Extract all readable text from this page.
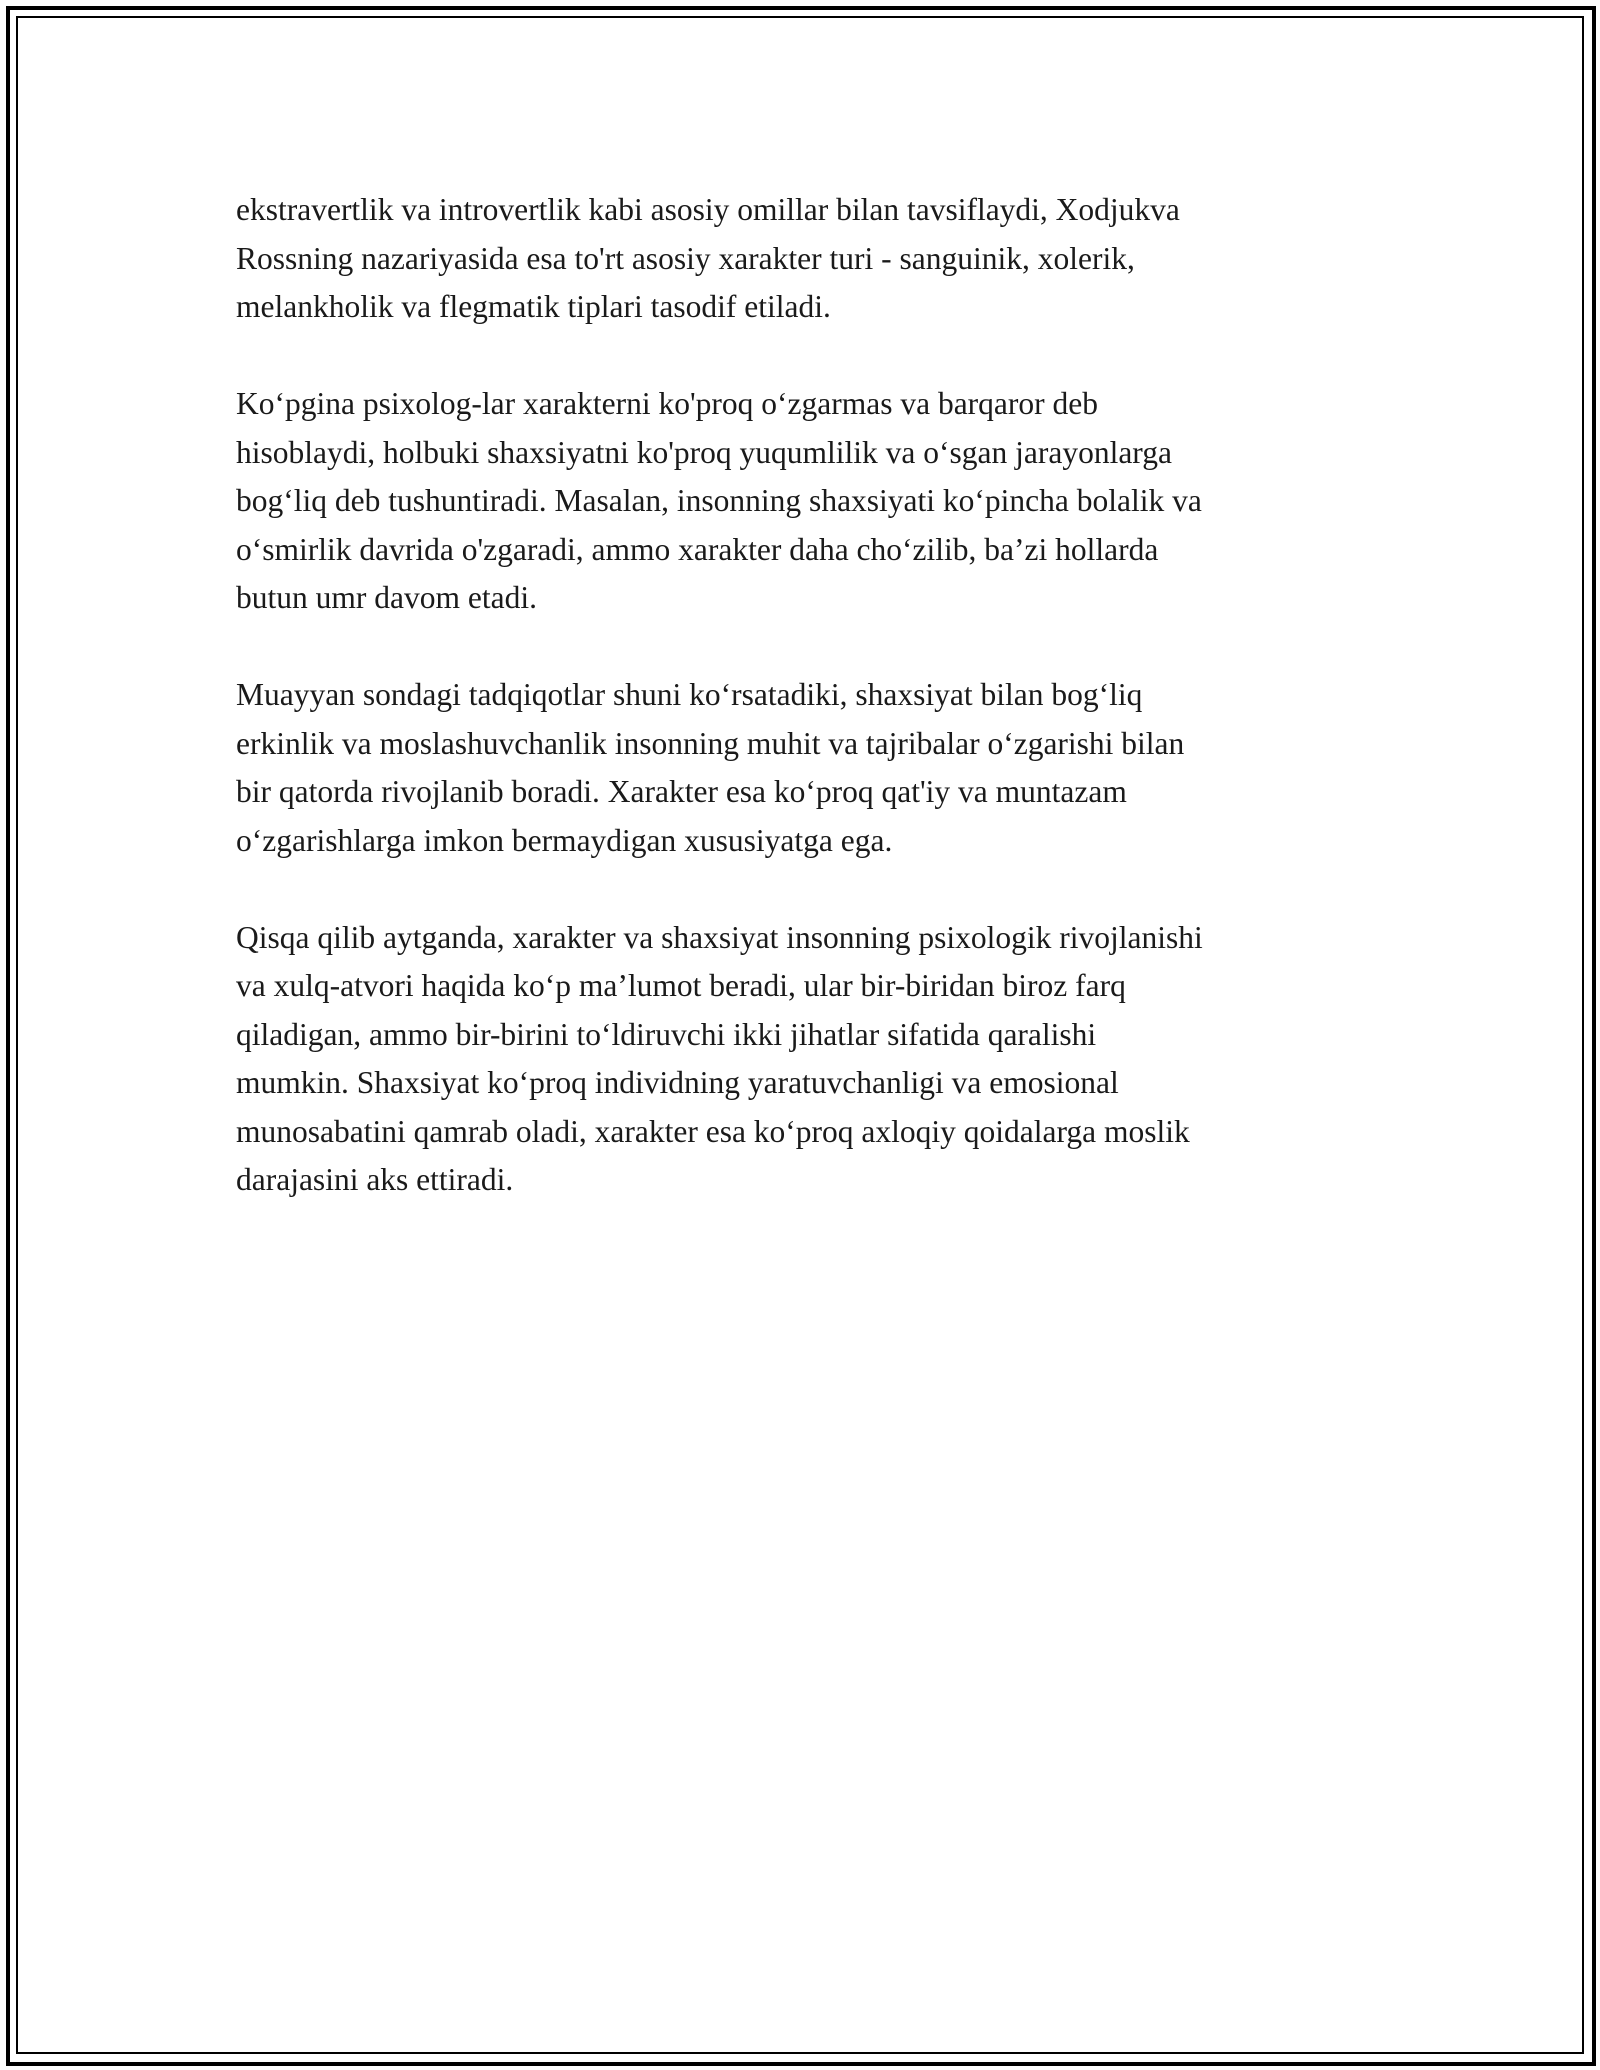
ekstravertlik va introvertlik kabi asosiy omillar bilan tavsiflaydi, Xodjukva
Rossning nazariyasida esa to'rt asosiy xarakter turi - sanguinik, xolerik,
melankholik va flegmatik tiplari tasodif etiladi.

Ko‘pgina psixolog-lar xarakterni ko'proq o‘zgarmas va barqaror deb
hisoblaydi, holbuki shaxsiyatni ko'proq yuqumlilik va o‘sgan jarayonlarga
bog‘liq deb tushuntiradi. Masalan, insonning shaxsiyati ko‘pincha bolalik va
o‘smirlik davrida o'zgaradi, ammo xarakter daha cho‘zilib, ba’zi hollarda
butun umr davom etadi.

Muayyan sondagi tadqiqotlar shuni ko‘rsatadiki, shaxsiyat bilan bog‘liq
erkinlik va moslashuvchanlik insonning muhit va tajribalar o‘zgarishi bilan
bir qatorda rivojlanib boradi. Xarakter esa ko‘proq qat'iy va muntazam
o‘zgarishlarga imkon bermaydigan xususiyatga ega.

Qisqa qilib aytganda, xarakter va shaxsiyat insonning psixologik rivojlanishi
va xulq-atvori haqida ko‘p ma’lumot beradi, ular bir-biridan biroz farq
qiladigan, ammo bir-birini to‘ldiruvchi ikki jihatlar sifatida qaralishi
mumkin. Shaxsiyat ko‘proq individning yaratuvchanligi va emosional
munosabatini qamrab oladi, xarakter esa ko‘proq axloqiy qoidalarga moslik
darajasini aks ettiradi.
